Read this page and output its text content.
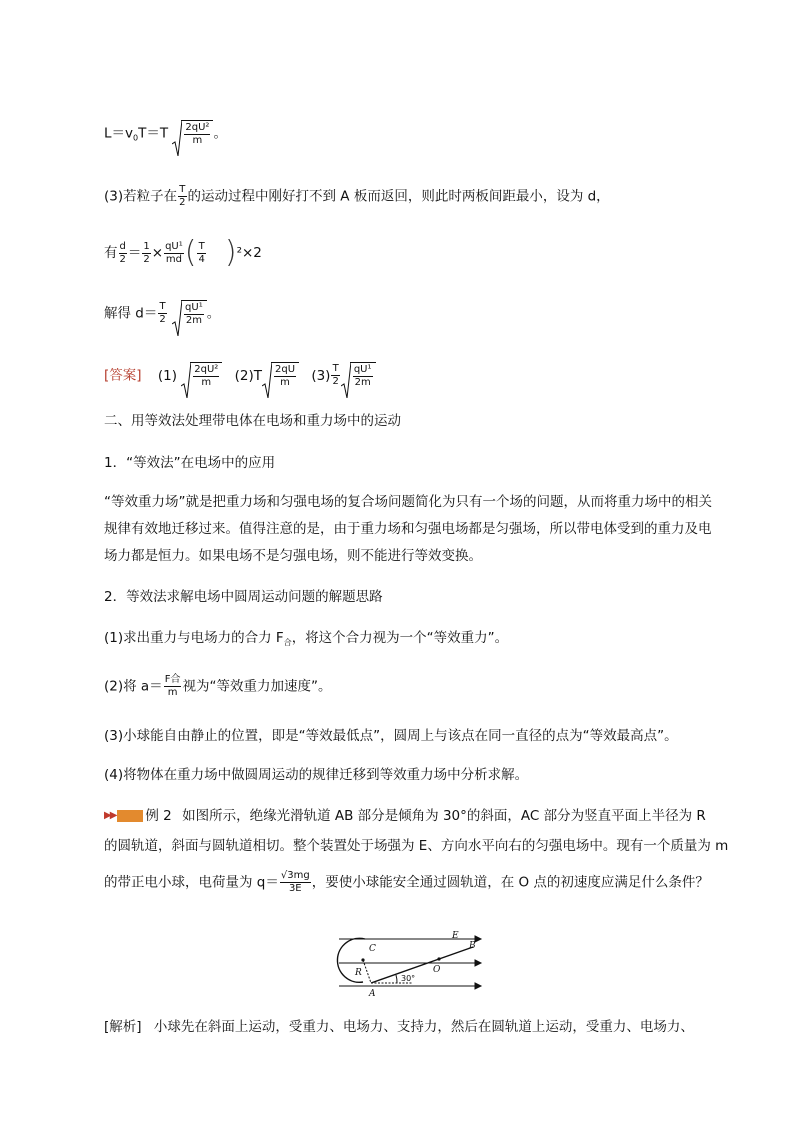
$L=v_0T=T \frac{\text{2qU²}}{m}$ 。
(3)若粒子在 $\frac{T}{2}$ 的运动过程中刚好打不到 A 板而返回，则此时两板间距最小，设为 d，
有 $\frac{d}{2} = \frac{1}{2} \times \frac{\text{qU¹}}{md}$ ( $\frac{T}{4} )^2\times 2$
解得 $d= \frac{T}{2}$
$\frac{\text{qU¹}}{2m}$ 。
[答案] $(1) \frac{\text{2qU²}}{m} (2)T \frac{2qU}{m} (3) \frac{T}{2} \frac{\text{qU¹}}{2m}$
二、用等效法处理带电体在电场和重力场中的运动
1．“等效法”在电场中的应用
“等效重力场”就是把重力场和匀强电场的复合场问题简化为只有一个场的问题，从而将重力场中的相关规律有效地迁移过来。值得注意的是，由于重力场和匀强电场都是匀强场，所以带电体受到的重力及电场力都是恒力。如果电场不是匀强电场，则不能进行等效变换。
2．等效法求解电场中圆周运动问题的解题思路
(1)求出重力与电场力的合力 $F_合$，将这个合力视为一个“等效重力”。
(2)将 $a= \frac{\text{F合}}{m}$ 视为“等效重力加速度”。
(3)小球能自由静止的位置，即是“等效最低点”，圆周上与该点在同一直径的点为“等效最高点”。
(4)将物体在重力场中做圆周运动的规律迁移到等效重力场中分析求解。
▶▶ 例 2 如图所示，绝缘光滑轨道 AB 部分是倾角为 30°的斜面，AC 部分为竖直平面上半径为 R
的圆轨道，斜面与圆轨道相切。整个装置处于场强为 E、方向水平向右的匀强电场中。现有一个质量为 m
的带正电小球，电荷量为 $q= \frac{√3mg}{3E}$ ，要使小球能安全通过圆轨道，在 O 点的初速度应满足什么条件？
C
E
B
R	O
A
30°
[解析] 小球先在斜面上运动，受重力、电场力、支持力，然后在圆轨道上运动，受重力、电场力、
